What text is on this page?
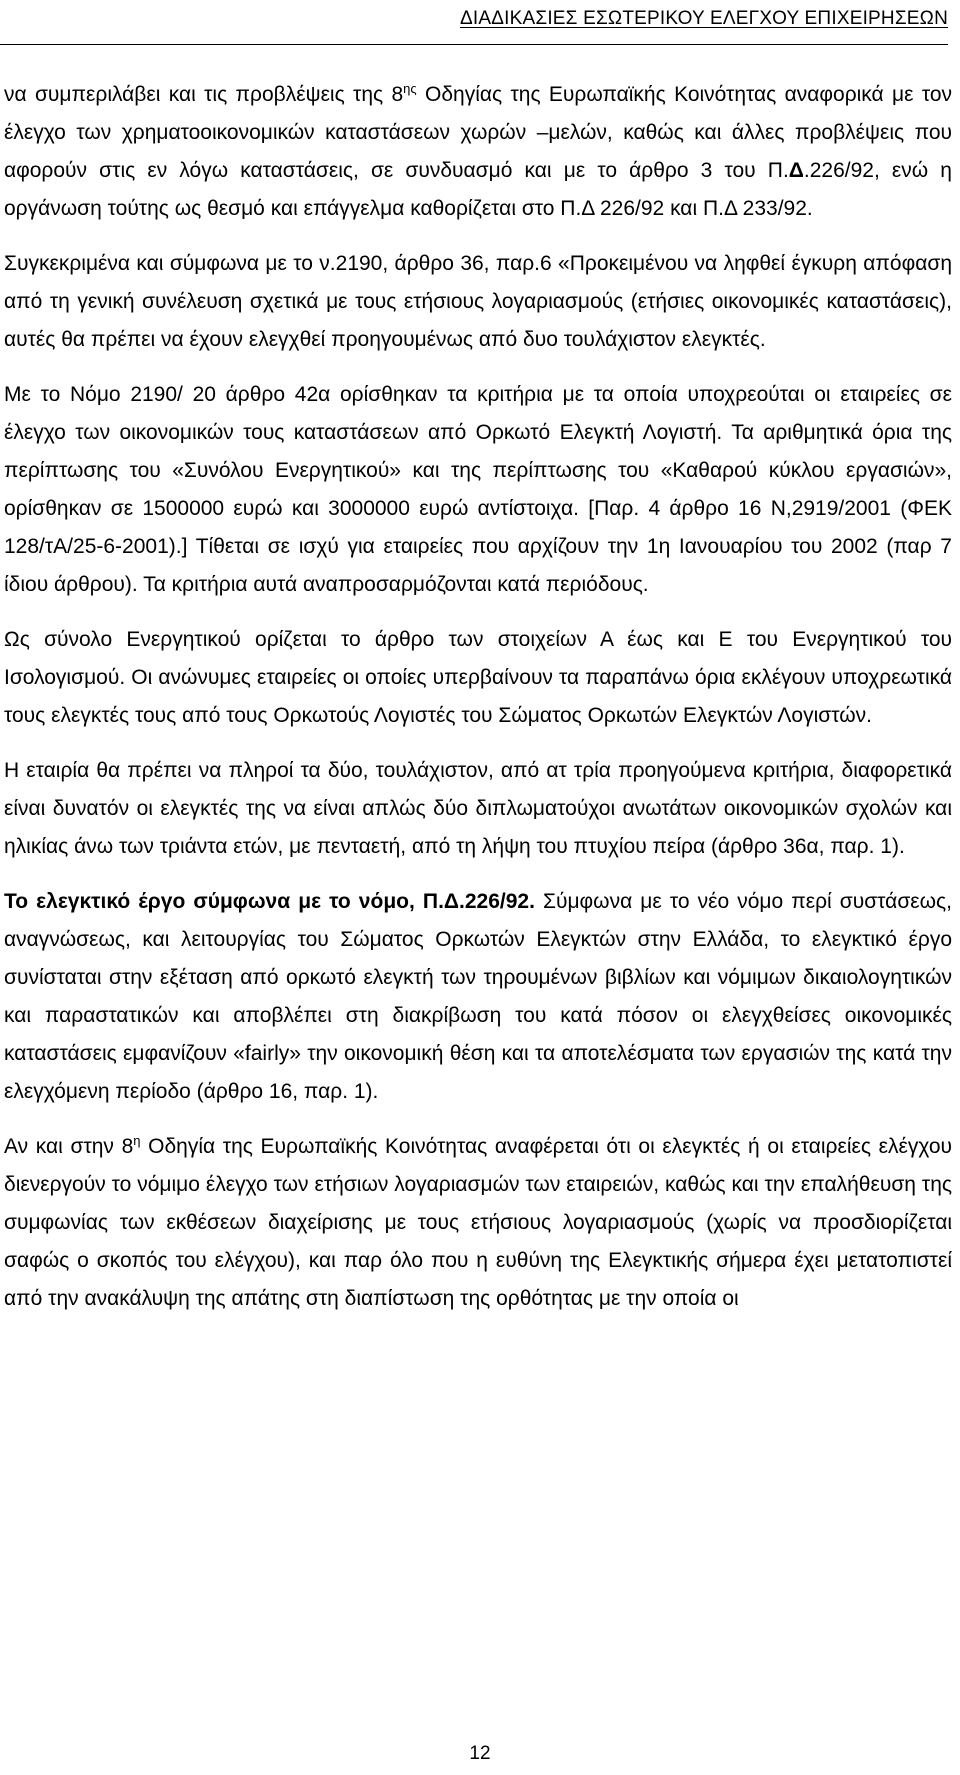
ΔΙΑΔΙΚΑΣΙΕΣ ΕΣΩΤΕΡΙΚΟΥ ΕΛΕΓΧΟΥ ΕΠΙΧΕΙΡΗΣΕΩΝ

να συμπεριλάβει και τις προβλέψεις της $8^{\eta\varsigma}$ Οδηγίας της Ευρωπαϊκής Κοινότητας αναφορικά με τον έλεγχο των χρηματοοικονομικών καταστάσεων χωρών –μελών, καθώς και άλλες προβλέψεις που αφορούν στις εν λόγω καταστάσεις, σε συνδυασμό και με το άρθρο 3 του Π.Δ.226/92, ενώ η οργάνωση τούτης ως θεσμό και επάγγελμα καθορίζεται στο Π.Δ 226/92 και Π.Δ 233/92.

Συγκεκριμένα και σύμφωνα με το ν.2190, άρθρο 36, παρ.6 «Προκειμένου να ληφθεί έγκυρη απόφαση από τη γενική συνέλευση σχετικά με τους ετήσιους λογαριασμούς (ετήσιες οικονομικές καταστάσεις), αυτές θα πρέπει να έχουν ελεγχθεί προηγουμένως από δυο τουλάχιστον ελεγκτές.

Με το Νόμο 2190/ 20 άρθρο 42α ορίσθηκαν τα κριτήρια με τα οποία υποχρεούται οι εταιρείες σε έλεγχο των οικονομικών τους καταστάσεων από Ορκωτό Ελεγκτή Λογιστή. Τα αριθμητικά όρια της περίπτωσης του «Συνόλου Ενεργητικού» και της περίπτωσης του «Καθαρού κύκλου εργασιών», ορίσθηκαν σε 1500000 ευρώ και 3000000 ευρώ αντίστοιχα. [Παρ. 4 άρθρο 16 Ν,2919/2001 (ΦΕΚ 128/τΑ/25-6-2001).] Τίθεται σε ισχύ για εταιρείες που αρχίζουν την 1η Ιανουαρίου του 2002 (παρ 7 ίδιου άρθρου). Τα κριτήρια αυτά αναπροσαρμόζονται κατά περιόδους.

Ως σύνολο Ενεργητικού ορίζεται το άρθρο των στοιχείων Α έως και Ε του Ενεργητικού του Ισολογισμού. Οι ανώνυμες εταιρείες οι οποίες υπερβαίνουν τα παραπάνω όρια εκλέγουν υποχρεωτικά τους ελεγκτές τους από τους Ορκωτούς Λογιστές του Σώματος Ορκωτών Ελεγκτών Λογιστών.

Η εταιρία θα πρέπει να πληροί τα δύο, τουλάχιστον, από ατ τρία προηγούμενα κριτήρια, διαφορετικά είναι δυνατόν οι ελεγκτές της να είναι απλώς δύο διπλωματούχοι ανωτάτων οικονομικών σχολών και ηλικίας άνω των τριάντα ετών, με πενταετή, από τη λήψη του πτυχίου πείρα (άρθρο 36α, παρ. 1).

Το ελεγκτικό έργο σύμφωνα με το νόμο, Π.Δ.226/92. Σύμφωνα με το νέο νόμο περί συστάσεως, αναγνώσεως, και λειτουργίας του Σώματος Ορκωτών Ελεγκτών στην Ελλάδα, το ελεγκτικό έργο συνίσταται στην εξέταση από ορκωτό ελεγκτή των τηρουμένων βιβλίων και νόμιμων δικαιολογητικών και παραστατικών και αποβλέπει στη διακρίβωση του κατά πόσον οι ελεγχθείσες οικονομικές καταστάσεις εμφανίζουν «fairly» την οικονομική θέση και τα αποτελέσματα των εργασιών της κατά την ελεγχόμενη περίοδο (άρθρο 16, παρ. 1).

Αν και στην $8^\eta$ Οδηγία της Ευρωπαϊκής Κοινότητας αναφέρεται ότι οι ελεγκτές ή οι εταιρείες ελέγχου διενεργούν το νόμιμο έλεγχο των ετήσιων λογαριασμών των εταιρειών, καθώς και την επαλήθευση της συμφωνίας των εκθέσεων διαχείρισης με τους ετήσιους λογαριασμούς (χωρίς να προσδιορίζεται σαφώς ο σκοπός του ελέγχου), και παρ όλο που η ευθύνη της Ελεγκτικής σήμερα έχει μετατοπιστεί από την ανακάλυψη της απάτης στη διαπίστωση της ορθότητας με την οποία οι

12
